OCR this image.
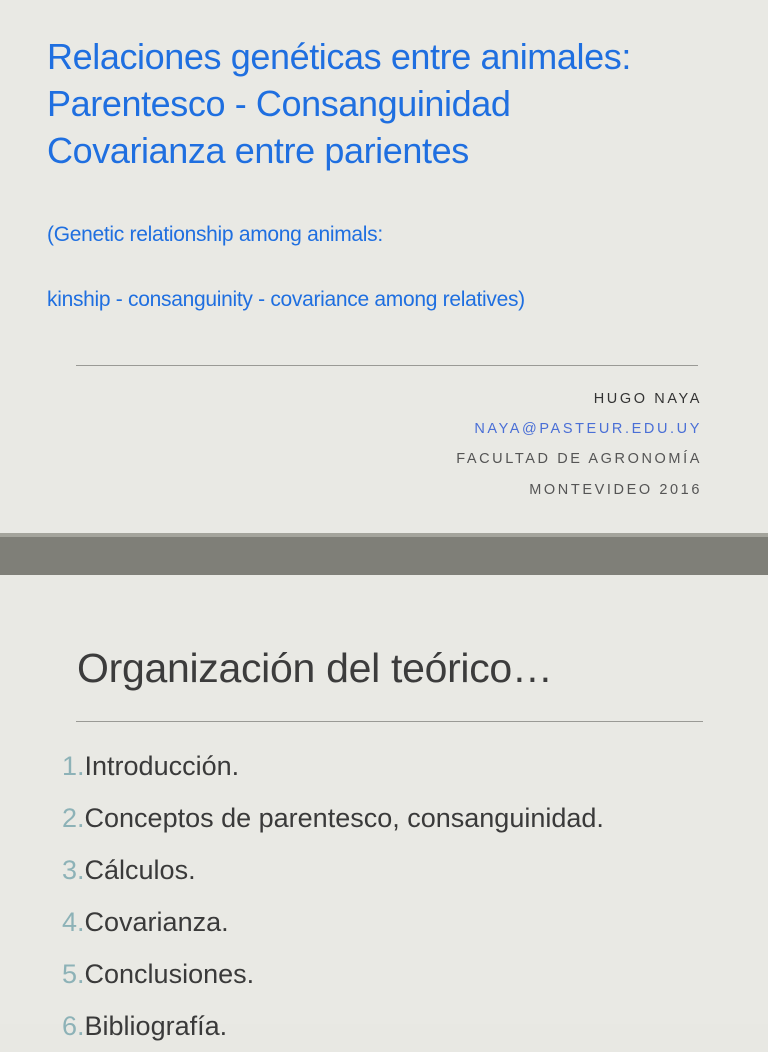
Relaciones genéticas entre animales:
Parentesco - Consanguinidad
Covarianza entre parientes

(Genetic relationship among animals:

kinship - consanguinity - covariance among relatives)

HUGO NAYA
NAYA@PASTEUR.EDU.UY
FACULTAD DE AGRONOMÍA
MONTEVIDEO 2016
Organización del teórico…
1.Introducción.
2.Conceptos de parentesco, consanguinidad.
3.Cálculos.
4.Covarianza.
5.Conclusiones.
6.Bibliografía.
